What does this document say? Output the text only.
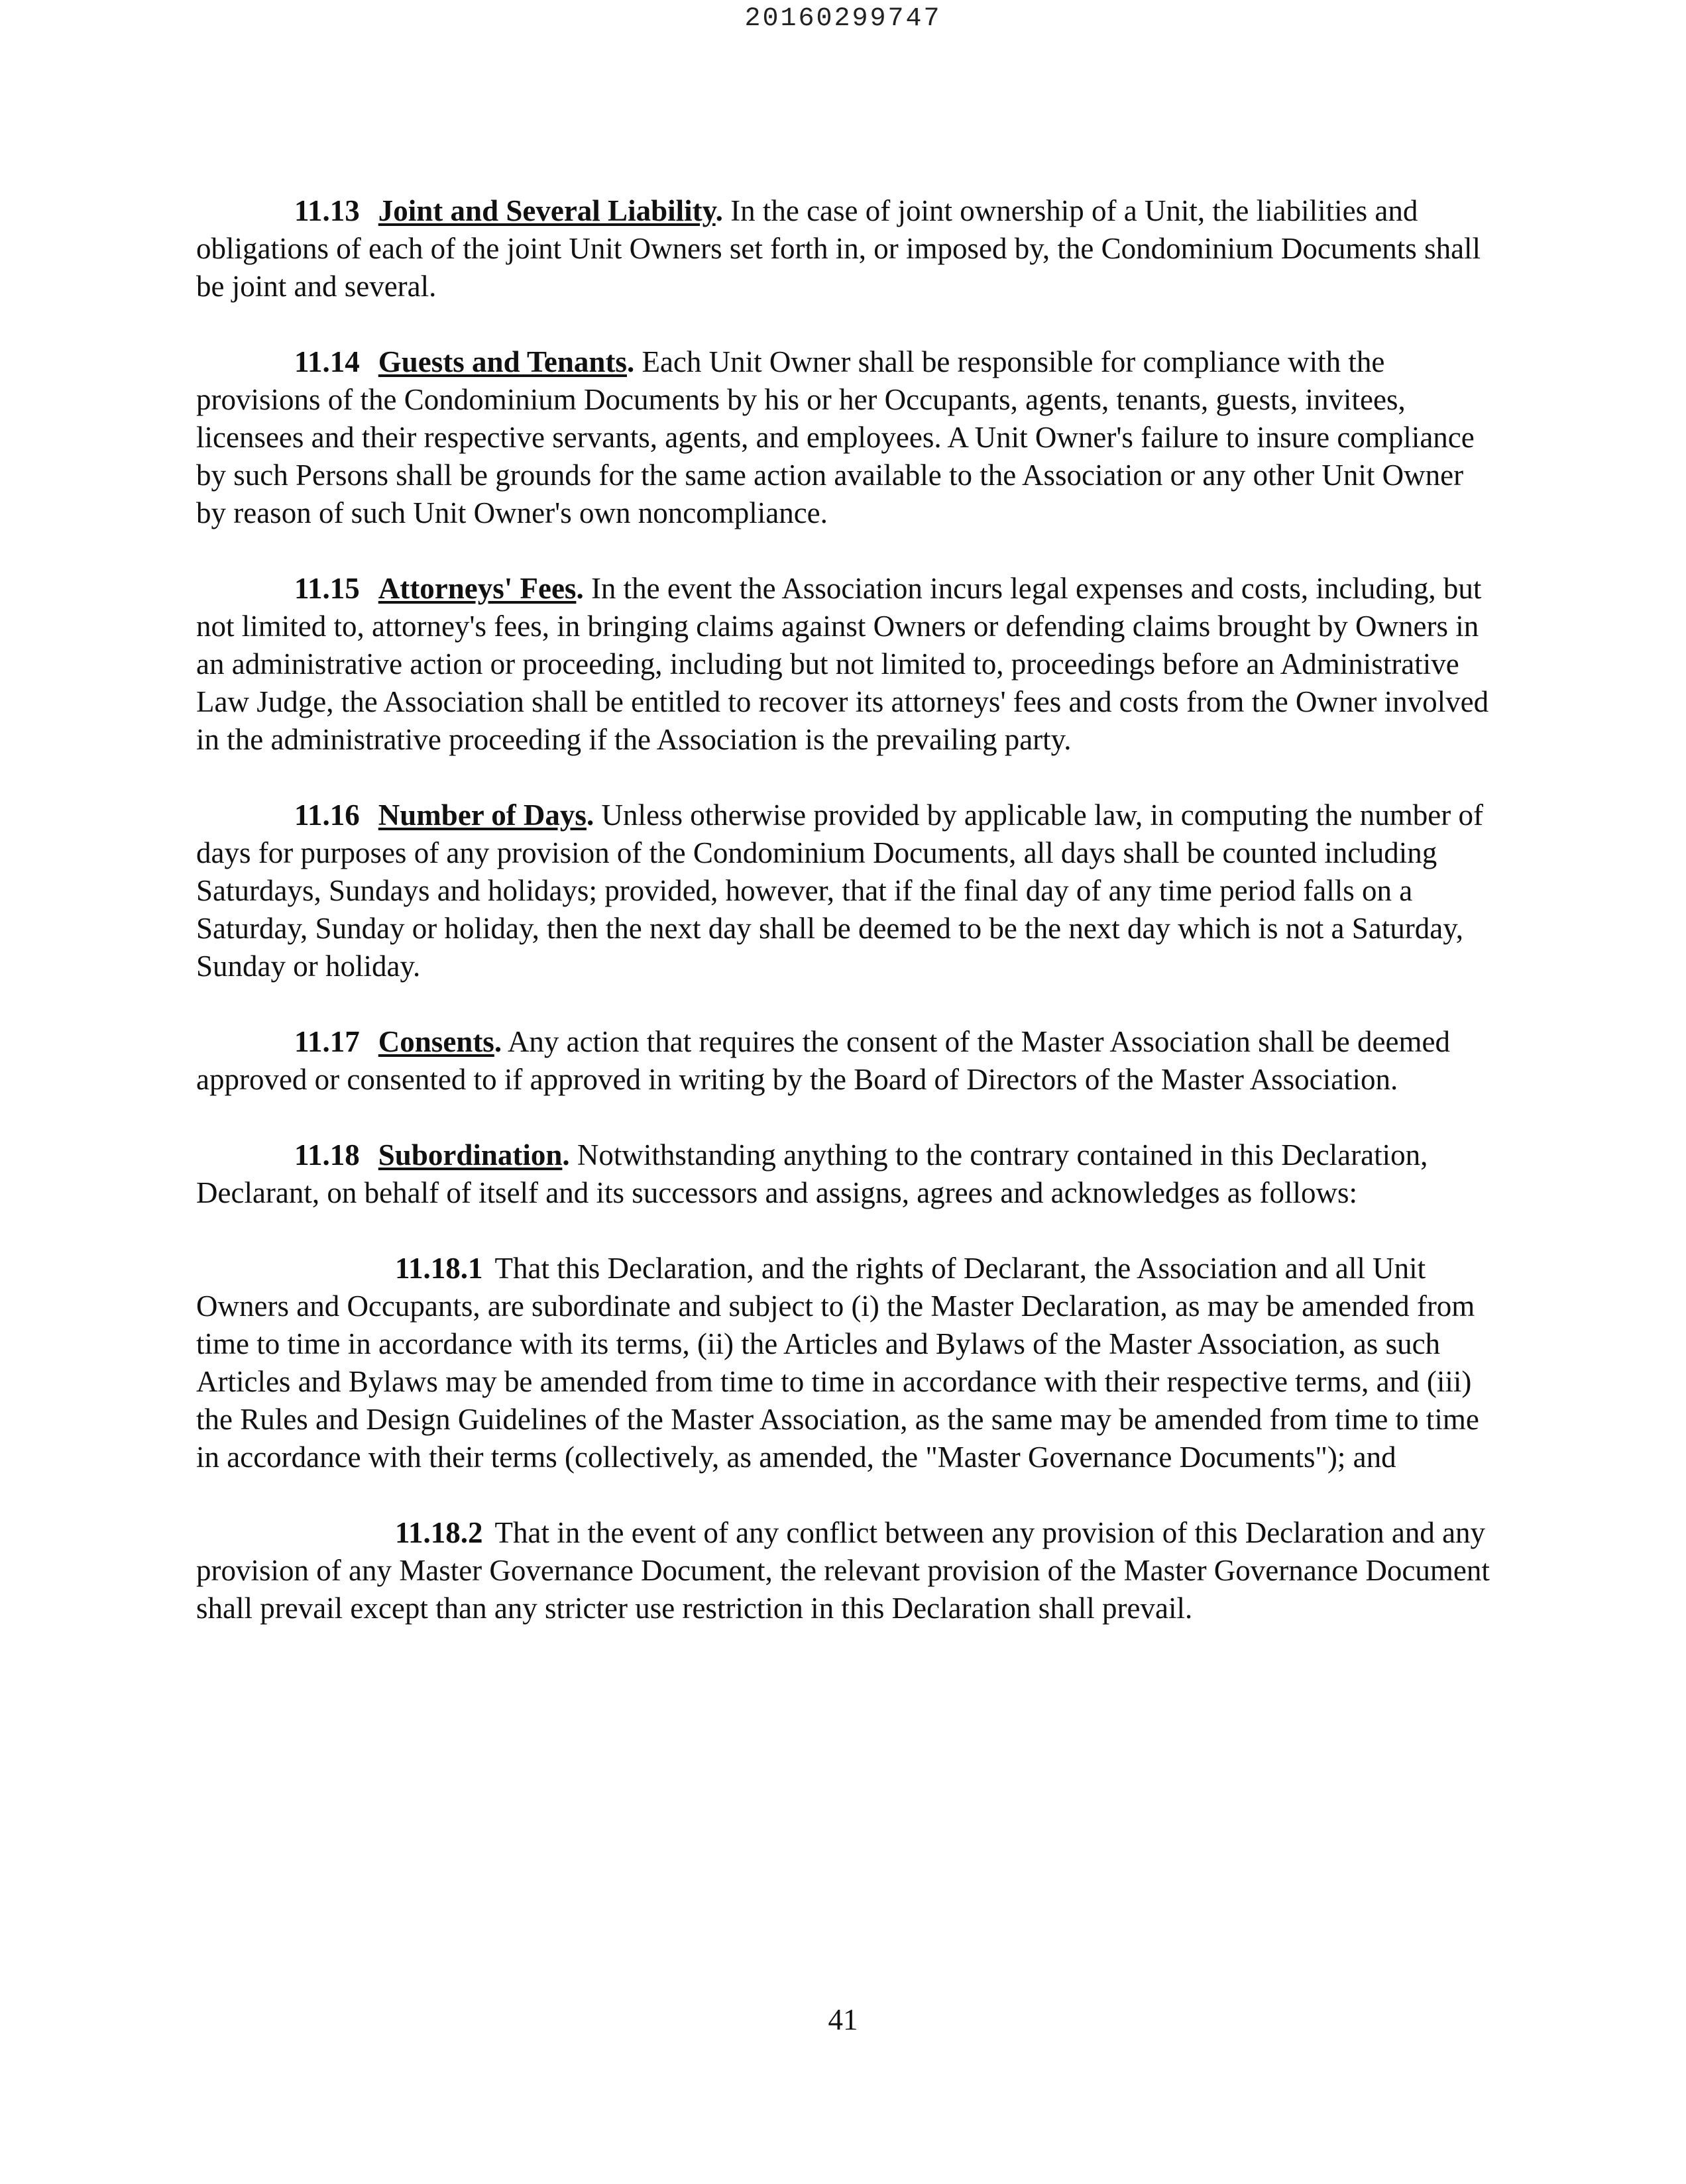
20160299747

11.13 Joint and Several Liability. In the case of joint ownership of a Unit, the liabilities and obligations of each of the joint Unit Owners set forth in, or imposed by, the Condominium Documents shall be joint and several.

11.14 Guests and Tenants. Each Unit Owner shall be responsible for compliance with the provisions of the Condominium Documents by his or her Occupants, agents, tenants, guests, invitees, licensees and their respective servants, agents, and employees. A Unit Owner's failure to insure compliance by such Persons shall be grounds for the same action available to the Association or any other Unit Owner by reason of such Unit Owner's own noncompliance.

11.15 Attorneys' Fees. In the event the Association incurs legal expenses and costs, including, but not limited to, attorney's fees, in bringing claims against Owners or defending claims brought by Owners in an administrative action or proceeding, including but not limited to, proceedings before an Administrative Law Judge, the Association shall be entitled to recover its attorneys' fees and costs from the Owner involved in the administrative proceeding if the Association is the prevailing party.

11.16 Number of Days. Unless otherwise provided by applicable law, in computing the number of days for purposes of any provision of the Condominium Documents, all days shall be counted including Saturdays, Sundays and holidays; provided, however, that if the final day of any time period falls on a Saturday, Sunday or holiday, then the next day shall be deemed to be the next day which is not a Saturday, Sunday or holiday.

11.17 Consents. Any action that requires the consent of the Master Association shall be deemed approved or consented to if approved in writing by the Board of Directors of the Master Association.

11.18 Subordination. Notwithstanding anything to the contrary contained in this Declaration, Declarant, on behalf of itself and its successors and assigns, agrees and acknowledges as follows:

11.18.1 That this Declaration, and the rights of Declarant, the Association and all Unit Owners and Occupants, are subordinate and subject to (i) the Master Declaration, as may be amended from time to time in accordance with its terms, (ii) the Articles and Bylaws of the Master Association, as such Articles and Bylaws may be amended from time to time in accordance with their respective terms, and (iii) the Rules and Design Guidelines of the Master Association, as the same may be amended from time to time in accordance with their terms (collectively, as amended, the "Master Governance Documents"); and

11.18.2 That in the event of any conflict between any provision of this Declaration and any provision of any Master Governance Document, the relevant provision of the Master Governance Document shall prevail except than any stricter use restriction in this Declaration shall prevail.

41
